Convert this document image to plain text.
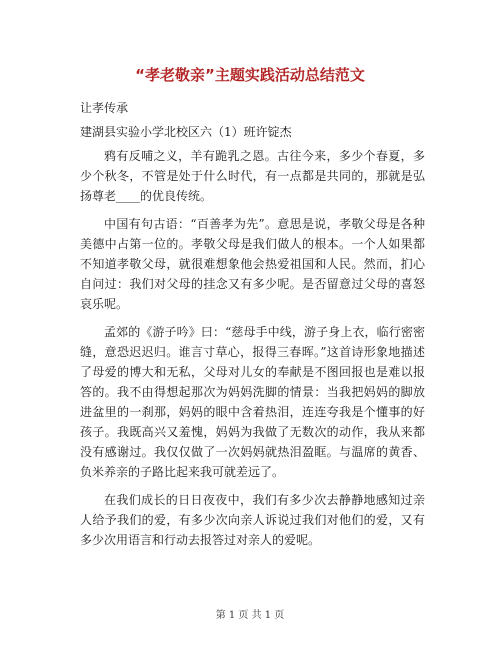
“孝老敬亲”主题实践活动总结范文

让孝传承

建湖县实验小学北校区六（1）班许锭杰

鸦有反哺之义，羊有跪乳之恩。古往今来，多少个春夏，多少个秋冬，不管是处于什么时代，有一点都是共同的，那就是弘扬尊老____的优良传统。

中国有句古语：“百善孝为先”。意思是说，孝敬父母是各种美德中占第一位的。孝敬父母是我们做人的根本。一个人如果都不知道孝敬父母，就很难想象他会热爱祖国和人民。然而，扪心自问过：我们对父母的挂念又有多少呢。是否留意过父母的喜怒哀乐呢。

孟郊的《游子吟》曰：“慈母手中线，游子身上衣，临行密密缝，意恐迟迟归。谁言寸草心，报得三春晖。”这首诗形象地描述了母爱的博大和无私，父母对儿女的奉献是不图回报也是难以报答的。我不由得想起那次为妈妈洗脚的情景：当我把妈妈的脚放进盆里的一刹那，妈妈的眼中含着热泪，连连夸我是个懂事的好孩子。我既高兴又羞愧，妈妈为我做了无数次的动作，我从来都没有感谢过。我仅仅做了一次妈妈就热泪盈眶。与温席的黄香、负米养亲的子路比起来我可就差远了。

在我们成长的日日夜夜中，我们有多少次去静静地感知过亲人给予我们的爱，有多少次向亲人诉说过我们对他们的爱，又有多少次用语言和行动去报答过对亲人的爱呢。

第 1 页 共 1 页
